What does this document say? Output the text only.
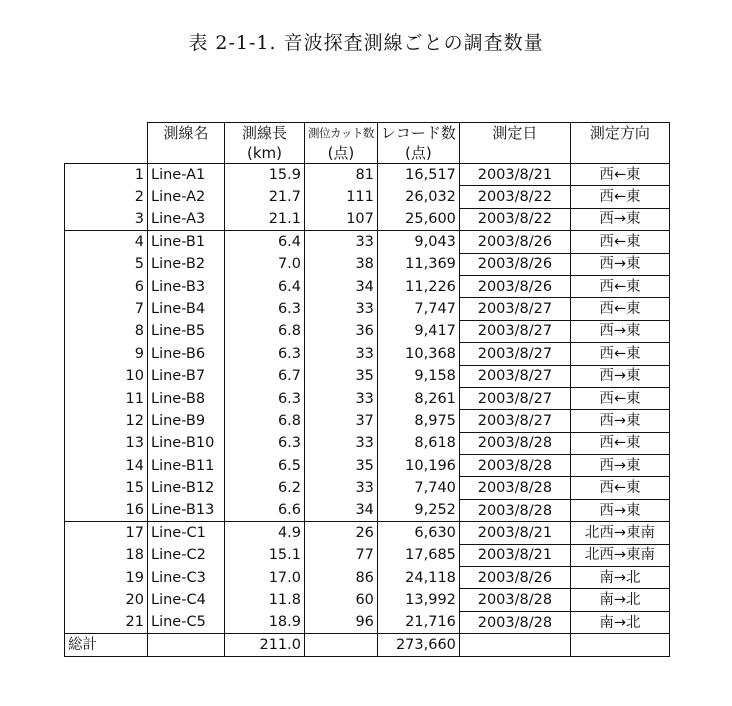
表 2-1-1. 音波探査測線ごとの調査数量
	測線名	測線長	測位カット数	レコード数	測定日	測定方向
		(km)	(点)	(点)		
1	Line-A1	15.9	81	16,517	2003/8/21	西←東
2	Line-A2	21.7	111	26,032	2003/8/22	西←東
3	Line-A3	21.1	107	25,600	2003/8/22	西→東
4	Line-B1	6.4	33	9,043	2003/8/26	西←東
5	Line-B2	7.0	38	11,369	2003/8/26	西→東
6	Line-B3	6.4	34	11,226	2003/8/26	西←東
7	Line-B4	6.3	33	7,747	2003/8/27	西←東
8	Line-B5	6.8	36	9,417	2003/8/27	西→東
9	Line-B6	6.3	33	10,368	2003/8/27	西←東
10	Line-B7	6.7	35	9,158	2003/8/27	西→東
11	Line-B8	6.3	33	8,261	2003/8/27	西←東
12	Line-B9	6.8	37	8,975	2003/8/27	西→東
13	Line-B10	6.3	33	8,618	2003/8/28	西←東
14	Line-B11	6.5	35	10,196	2003/8/28	西→東
15	Line-B12	6.2	33	7,740	2003/8/28	西←東
16	Line-B13	6.6	34	9,252	2003/8/28	西→東
17	Line-C1	4.9	26	6,630	2003/8/21	北西→東南
18	Line-C2	15.1	77	17,685	2003/8/21	北西→東南
19	Line-C3	17.0	86	24,118	2003/8/26	南→北
20	Line-C4	11.8	60	13,992	2003/8/28	南→北
21	Line-C5	18.9	96	21,716	2003/8/28	南→北
総計		211.0		273,660		
